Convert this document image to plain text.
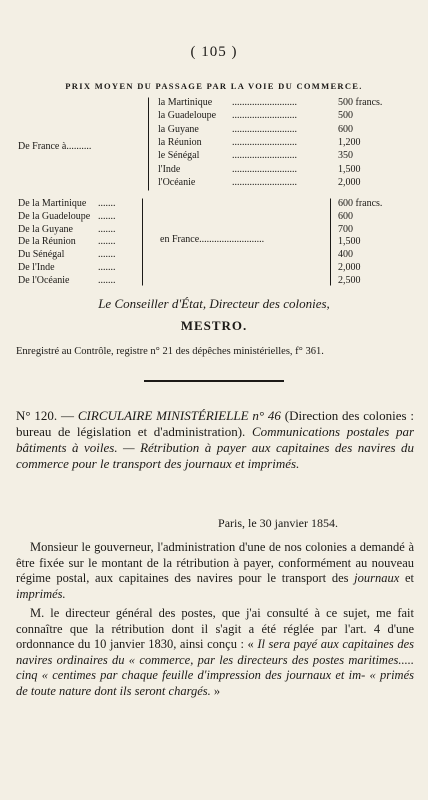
( 105 )
PRIX MOYEN DU PASSAGE PAR LA VOIE DU COMMERCE.
De France à..........
la Martinique ..........................	500 francs.
la Guadeloupe ..........................	500
la Guyane	..........................	600
la Réunion	..........................	1,200
le Sénégal	..........................	350
l'Inde	..........................	1,500
l'Océanie	..........................	2,000
De la Martinique .......	600 francs.
De la Guadeloupe .......	600
De la Guyane	.......	700
De la Réunion .......	1,500
Du Sénégal	.......	400
De l'Inde	.......	2,000
De l'Océanie	.......	2,500
en France..........................
Le Conseiller d'État, Directeur des colonies,
MESTRO.
Enregistré au Contrôle, registre n° 21 des dépêches ministérielles, f° 361.
N° 120. — CIRCULAIRE MINISTÉRIELLE n° 46 (Direction des colonies : bureau de législation et d'administration). Communications postales par bâtiments à voiles. — Rétribution à payer aux capitaines des navires du commerce pour le transport des journaux et imprimés.
Paris, le 30 janvier 1854.

Monsieur le gouverneur, l'administration d'une de nos colonies a demandé à être fixée sur le montant de la rétribution à payer, conformément au nouveau régime postal, aux capitaines des navires pour le transport des journaux et imprimés.

M. le directeur général des postes, que j'ai consulté à ce sujet, me fait connaître que la rétribution dont il s'agit a été réglée par l'art. 4 d'une ordonnance du 10 janvier 1830, ainsi conçu : « Il sera payé aux capitaines des navires ordinaires du « commerce, par les directeurs des postes maritimes..... cinq « centimes par chaque feuille d'impression des journaux et im- « primés de toute nature dont ils seront chargés. »
